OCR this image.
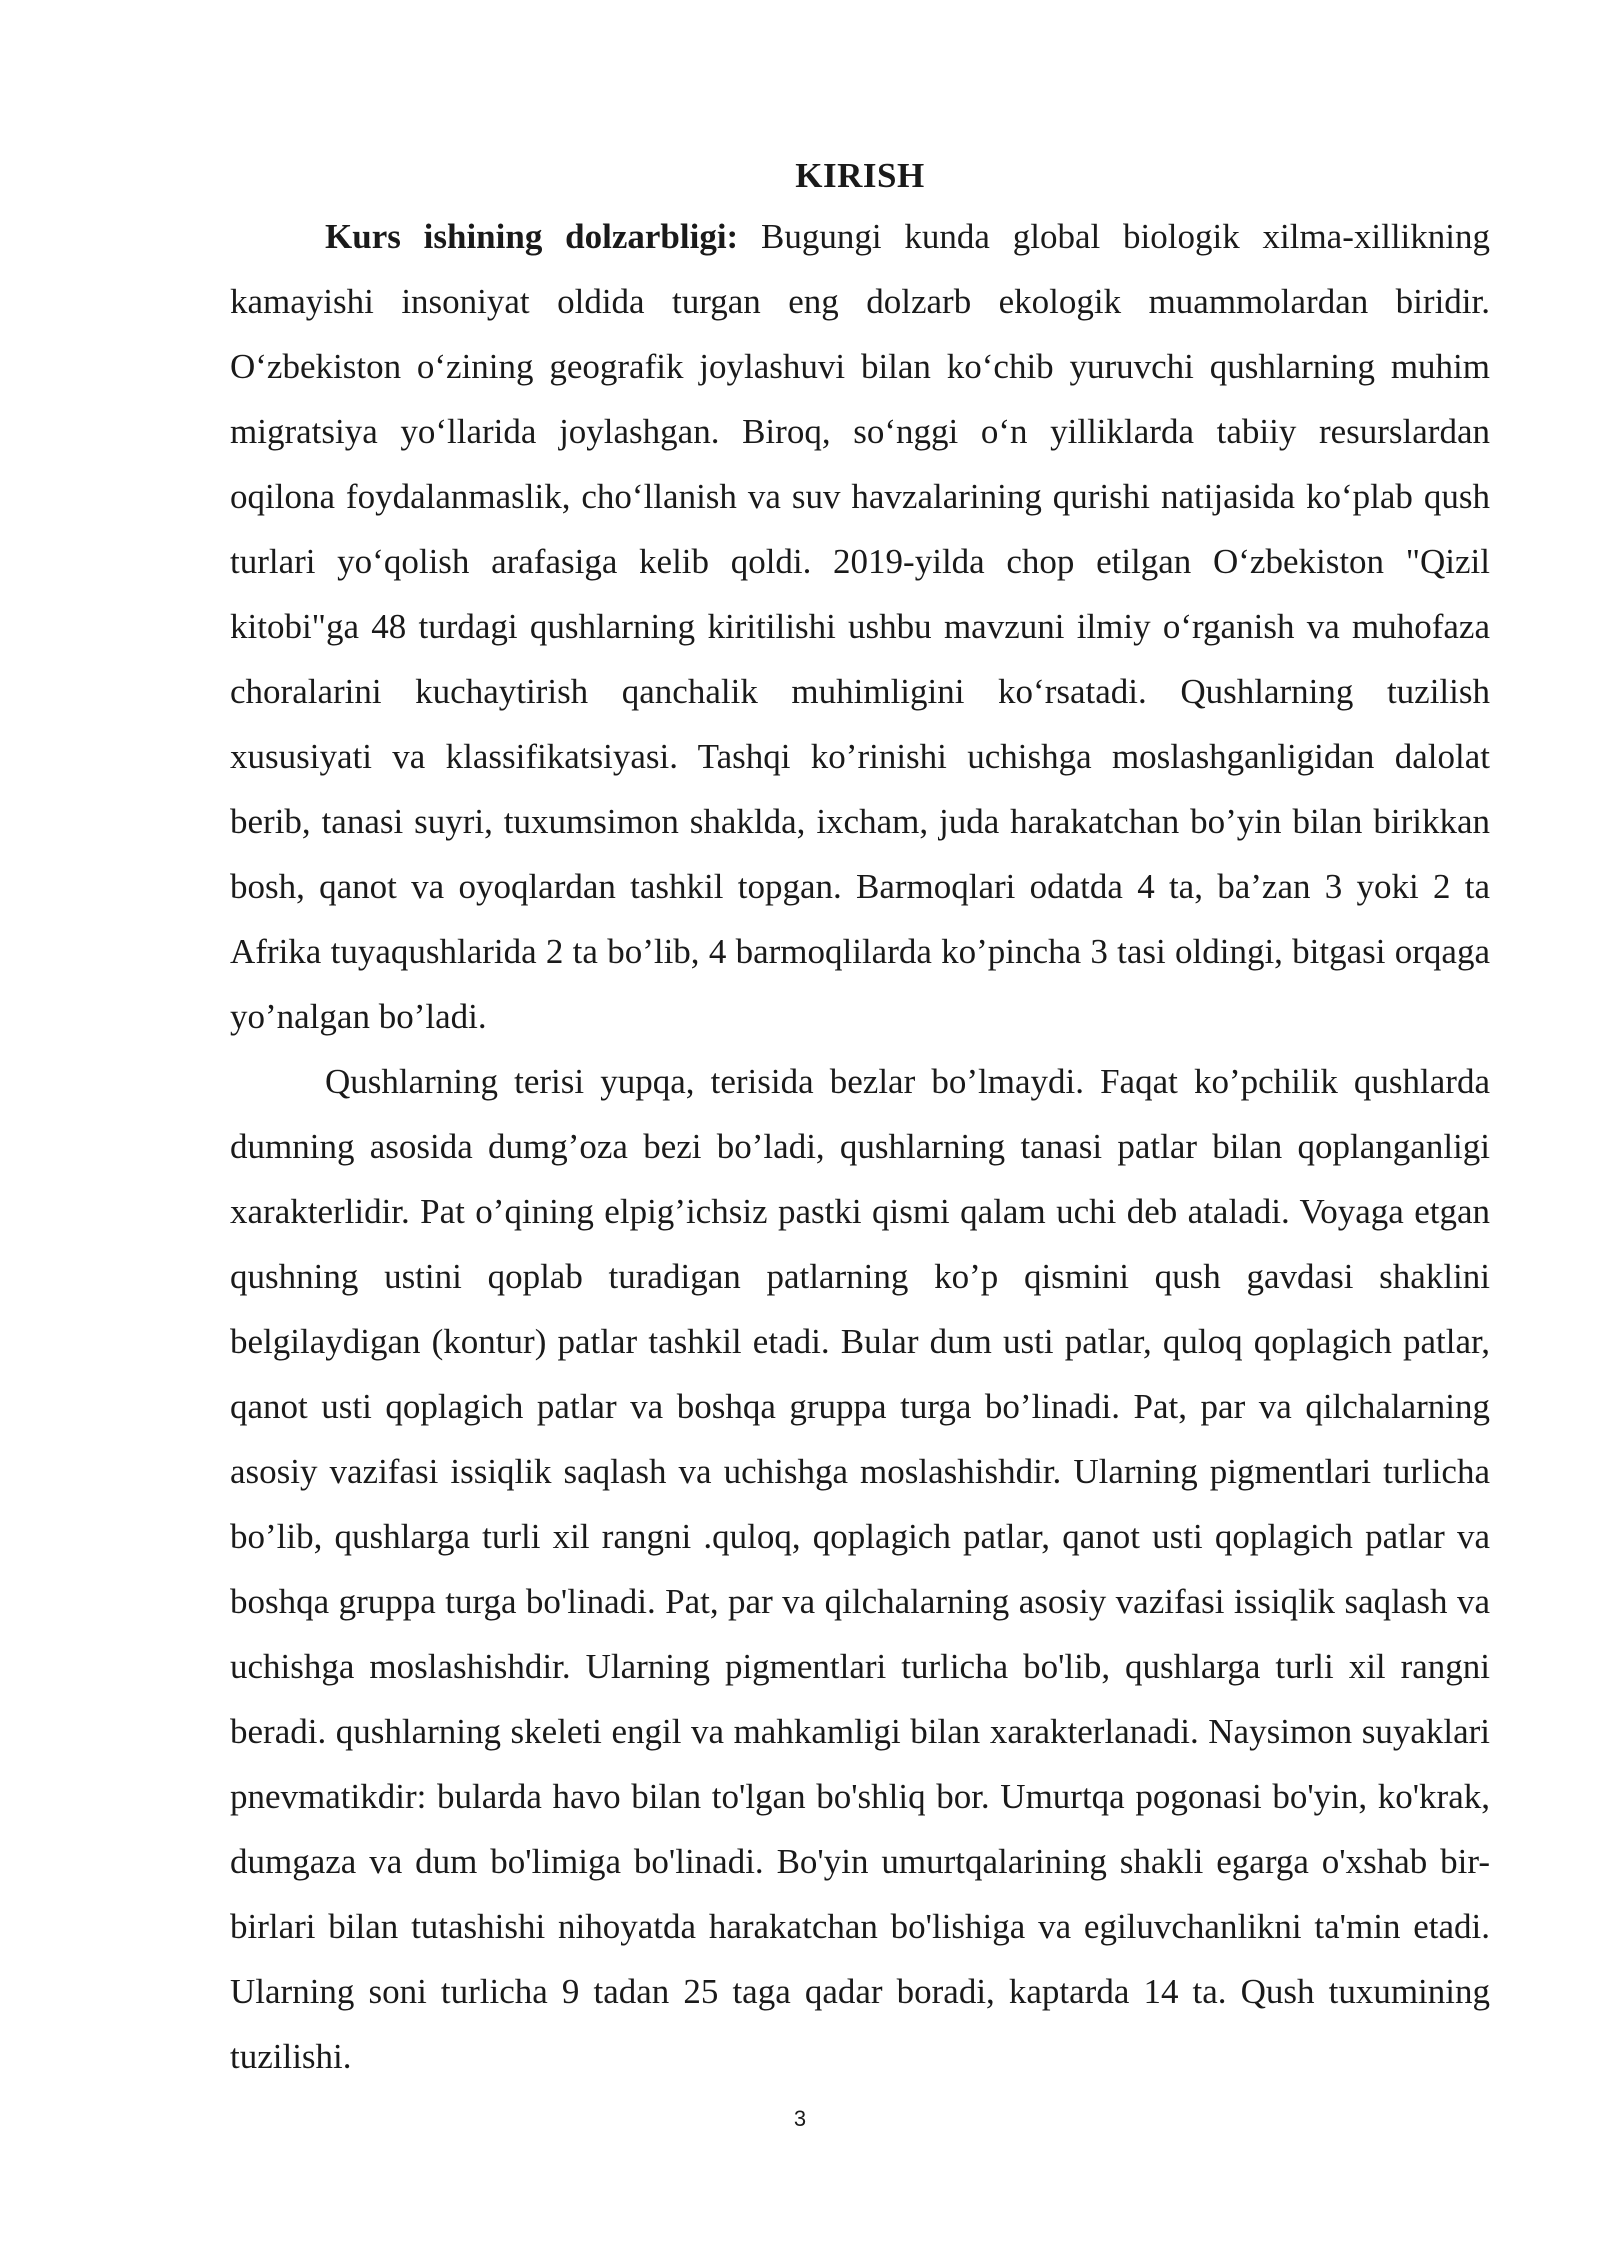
KIRISH

Kurs ishining dolzarbligi: Bugungi kunda global biologik xilma-xillikning kamayishi insoniyat oldida turgan eng dolzarb ekologik muammolardan biridir. O‘zbekiston o‘zining geografik joylashuvi bilan ko‘chib yuruvchi qushlarning muhim migratsiya yo‘llarida joylashgan. Biroq, so‘nggi o‘n yilliklarda tabiiy resurslardan oqilona foydalanmaslik, cho‘llanish va suv havzalarining qurishi natijasida ko‘plab qush turlari yo‘qolish arafasiga kelib qoldi. 2019-yilda chop etilgan O‘zbekiston "Qizil kitobi"ga 48 turdagi qushlarning kiritilishi ushbu mavzuni ilmiy o‘rganish va muhofaza choralarini kuchaytirish qanchalik muhimligini ko‘rsatadi. Qushlarning tuzilish xususiyati va klassifikatsiyasi. Tashqi ko’rinishi uchishga moslashganligidan dalolat berib, tanasi suyri, tuxumsimon shaklda, ixcham, juda harakatchan bo’yin bilan birikkan bosh, qanot va oyoqlardan tashkil topgan. Barmoqlari odatda 4 ta, ba’zan 3 yoki 2 ta Afrika tuyaqushlarida 2 ta bo’lib, 4 barmoqlilarda ko’pincha 3 tasi oldingi, bitgasi orqaga yo’nalgan bo’ladi.

Qushlarning terisi yupqa, terisida bezlar bo’lmaydi. Faqat ko’pchilik qushlarda dumning asosida dumg’oza bezi bo’ladi, qushlarning tanasi patlar bilan qoplanganligi xarakterlidir. Pat o’qining elpig’ichsiz pastki qismi qalam uchi deb ataladi. Voyaga etgan qushning ustini qoplab turadigan patlarning ko’p qismini qush gavdasi shaklini belgilaydigan (kontur) patlar tashkil etadi. Bular dum usti patlar, quloq qoplagich patlar, qanot usti qoplagich patlar va boshqa gruppa turga bo’linadi. Pat, par va qilchalarning asosiy vazifasi issiqlik saqlash va uchishga moslashishdir. Ularning pigmentlari turlicha bo’lib, qushlarga turli xil rangni .quloq, qoplagich patlar, qanot usti qoplagich patlar va boshqa gruppa turga bo'linadi. Pat, par va qilchalarning asosiy vazifasi issiqlik saqlash va uchishga moslashishdir. Ularning pigmentlari turlicha bo'lib, qushlarga turli xil rangni beradi. qushlarning skeleti engil va mahkamligi bilan xarakterlanadi. Naysimon suyaklari pnevmatikdir: bularda havo bilan to'lgan bo'shliq bor. Umurtqa pogonasi bo'yin, ko'krak, dumgaza va dum bo'limiga bo'linadi. Bo'yin umurtqalarining shakli egarga o'xshab bir-birlari bilan tutashishi nihoyatda harakatchan bo'lishiga va egiluvchanlikni ta'min etadi. Ularning soni turlicha 9 tadan 25 taga qadar boradi, kaptarda 14 ta. Qush tuxumining tuzilishi.

3
